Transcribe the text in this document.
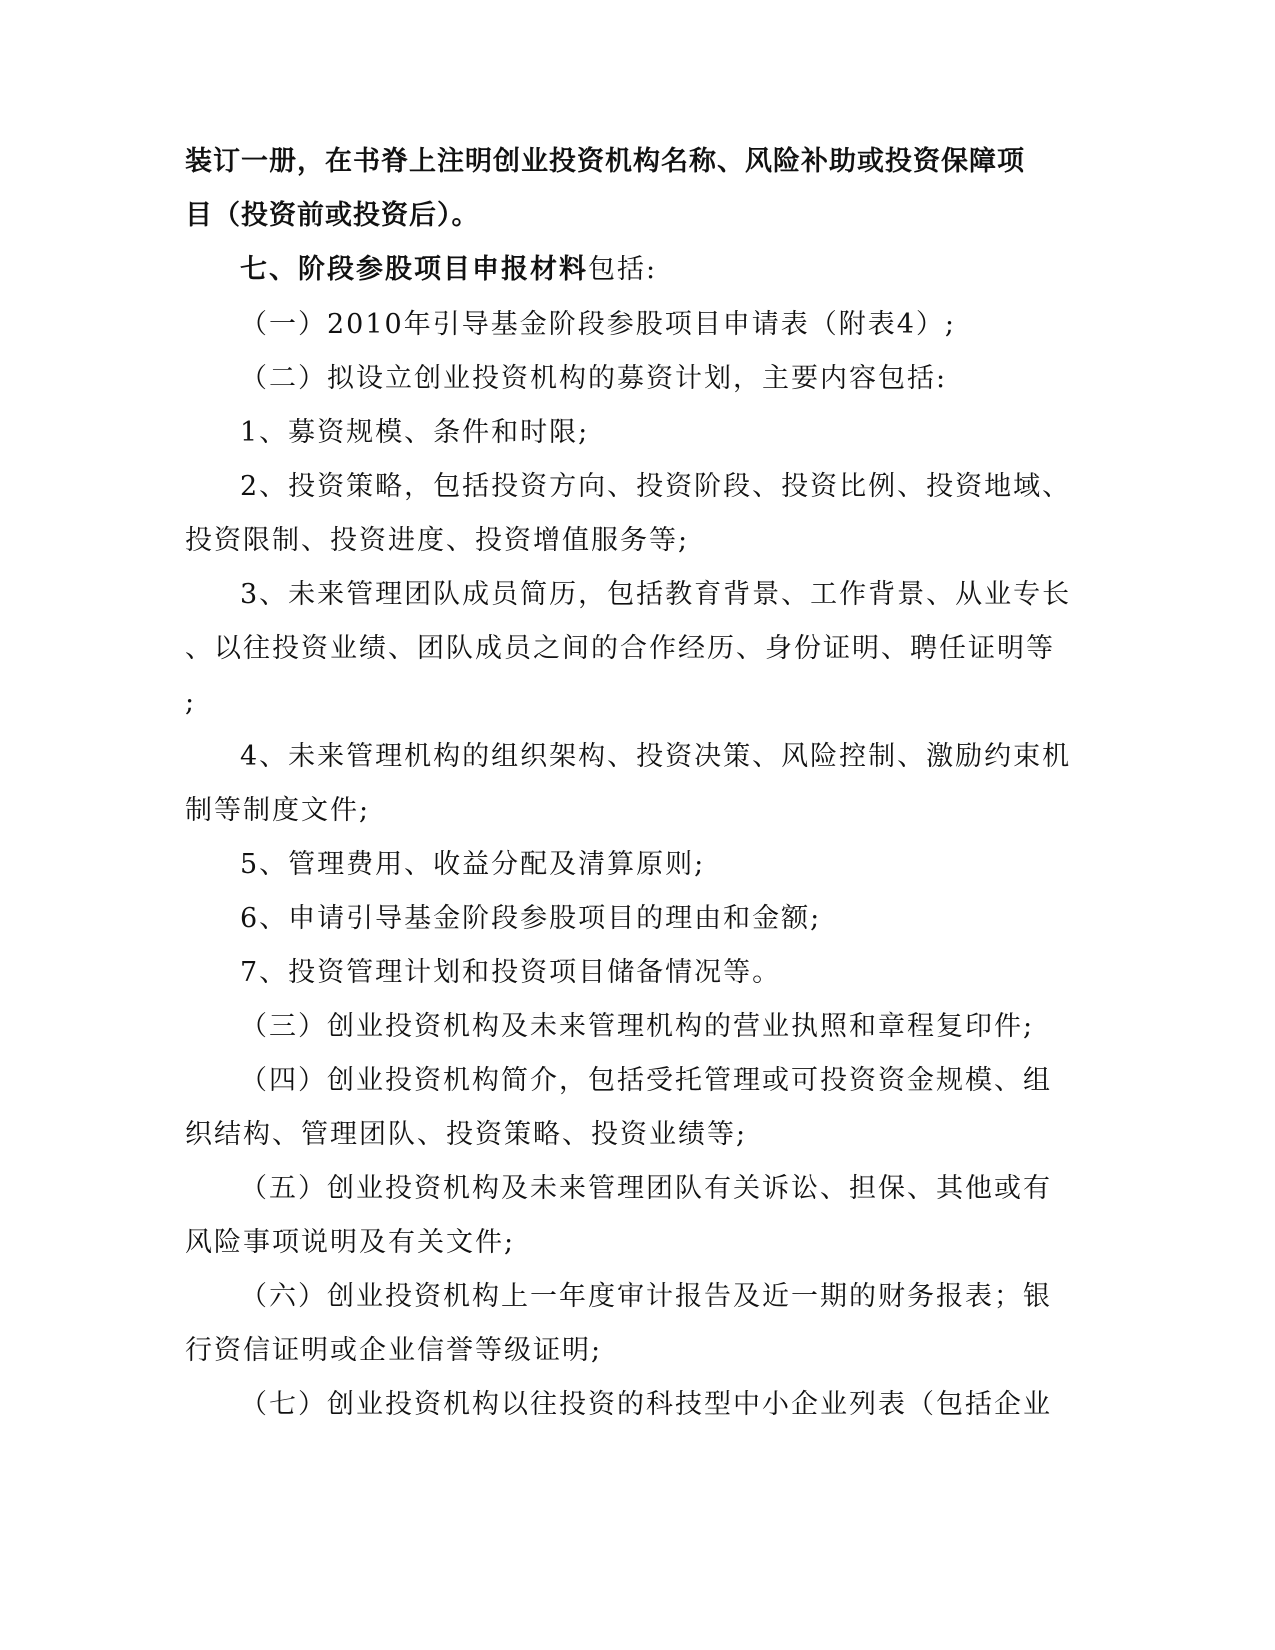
装订一册，在书脊上注明创业投资机构名称、风险补助或投资保障项
目（投资前或投资后）。
七、阶段参股项目申报材料包括:
（一）2010年引导基金阶段参股项目申请表（附表4）;
（二）拟设立创业投资机构的募资计划，主要内容包括:
1、募资规模、条件和时限;
2、投资策略，包括投资方向、投资阶段、投资比例、投资地域、
投资限制、投资进度、投资增值服务等;
3、未来管理团队成员简历，包括教育背景、工作背景、从业专长
、以往投资业绩、团队成员之间的合作经历、身份证明、聘任证明等
;
4、未来管理机构的组织架构、投资决策、风险控制、激励约束机
制等制度文件;
5、管理费用、收益分配及清算原则;
6、申请引导基金阶段参股项目的理由和金额;
7、投资管理计划和投资项目储备情况等。
（三）创业投资机构及未来管理机构的营业执照和章程复印件;
（四）创业投资机构简介，包括受托管理或可投资资金规模、组
织结构、管理团队、投资策略、投资业绩等;
（五）创业投资机构及未来管理团队有关诉讼、担保、其他或有
风险事项说明及有关文件;
（六）创业投资机构上一年度审计报告及近一期的财务报表；银
行资信证明或企业信誉等级证明;
（七）创业投资机构以往投资的科技型中小企业列表（包括企业
